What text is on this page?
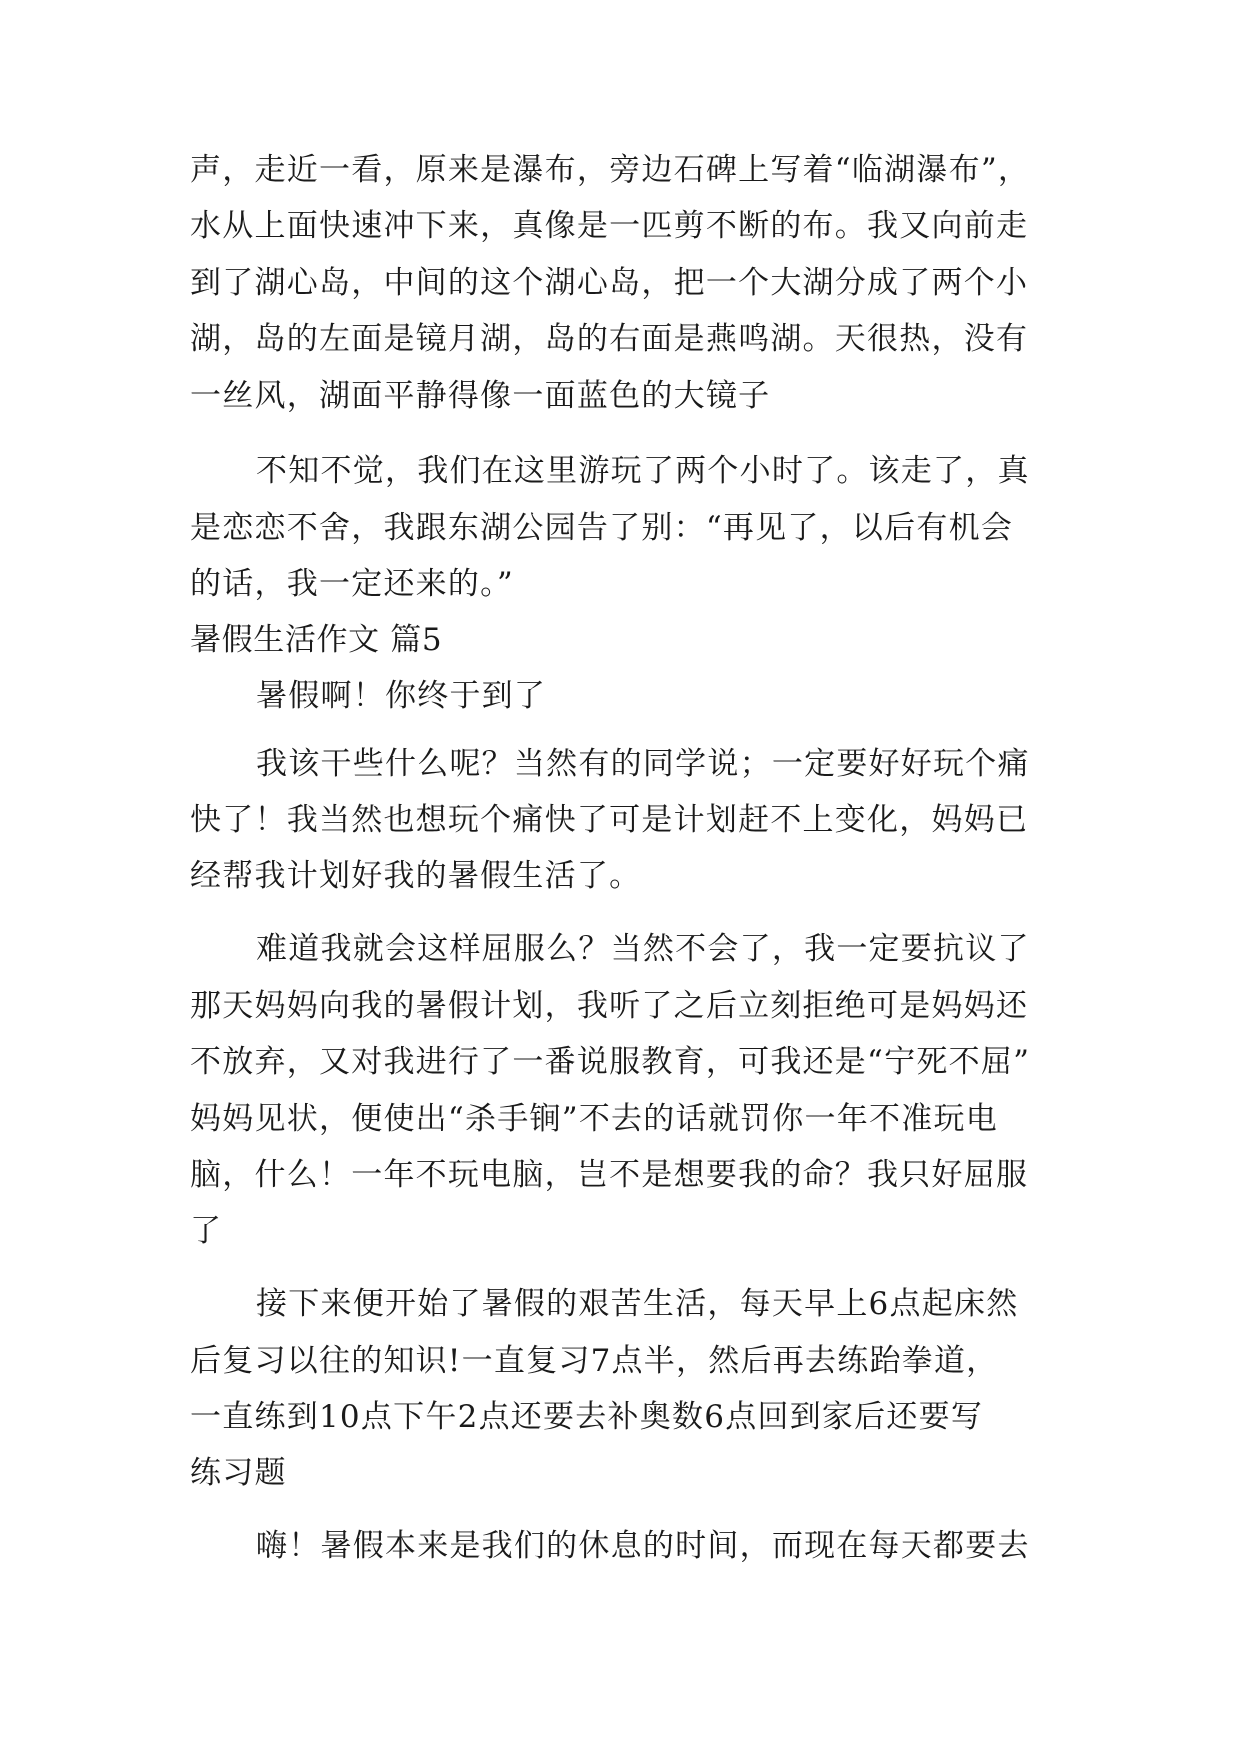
声，走近一看，原来是瀑布，旁边石碑上写着“临湖瀑布”，
水从上面快速冲下来，真像是一匹剪不断的布。我又向前走
到了湖心岛，中间的这个湖心岛，把一个大湖分成了两个小
湖，岛的左面是镜月湖，岛的右面是燕鸣湖。天很热，没有
一丝风，湖面平静得像一面蓝色的大镜子
不知不觉，我们在这里游玩了两个小时了。该走了，真
是恋恋不舍，我跟东湖公园告了别：“再见了，以后有机会
的话，我一定还来的。”
暑假生活作文 篇5
暑假啊！你终于到了
我该干些什么呢？当然有的同学说；一定要好好玩个痛
快了！我当然也想玩个痛快了可是计划赶不上变化，妈妈已
经帮我计划好我的暑假生活了。
难道我就会这样屈服么？当然不会了，我一定要抗议了
那天妈妈向我的暑假计划，我听了之后立刻拒绝可是妈妈还
不放弃，又对我进行了一番说服教育，可我还是“宁死不屈”
妈妈见状，便使出“杀手锏”不去的话就罚你一年不准玩电
脑，什么！一年不玩电脑，岂不是想要我的命？我只好屈服
了
接下来便开始了暑假的艰苦生活，每天早上6点起床然
后复习以往的知识!一直复习7点半，然后再去练跆拳道，
一直练到10点下午2点还要去补奥数6点回到家后还要写
练习题
嗨！暑假本来是我们的休息的时间，而现在每天都要去
